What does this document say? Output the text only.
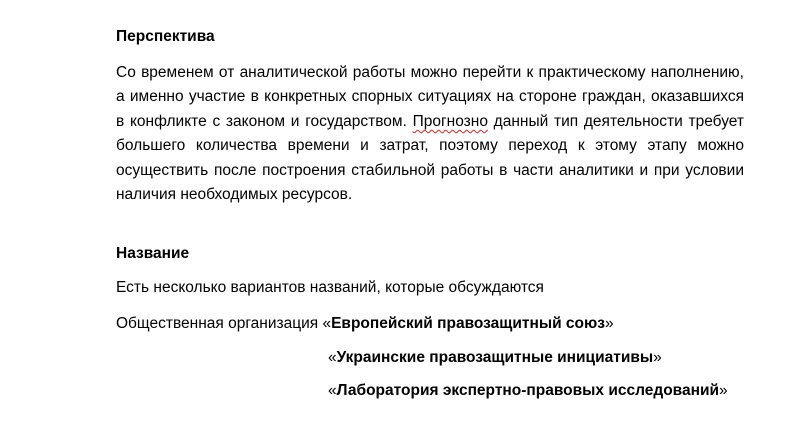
Перспектива

Со временем от аналитической работы можно перейти к практическому наполнению, а именно участие в конкретных спорных ситуациях на стороне граждан, оказавшихся в конфликте с законом и государством. Прогнозно данный тип деятельности требует большего количества времени и затрат, поэтому переход к этому этапу можно осуществить после построения стабильной работы в части аналитики и при условии наличия необходимых ресурсов.

Название

Есть несколько вариантов названий, которые обсуждаются

Общественная организация «Европейский правозащитный союз»

«Украинские правозащитные инициативы»

«Лаборатория экспертно-правовых исследований»
